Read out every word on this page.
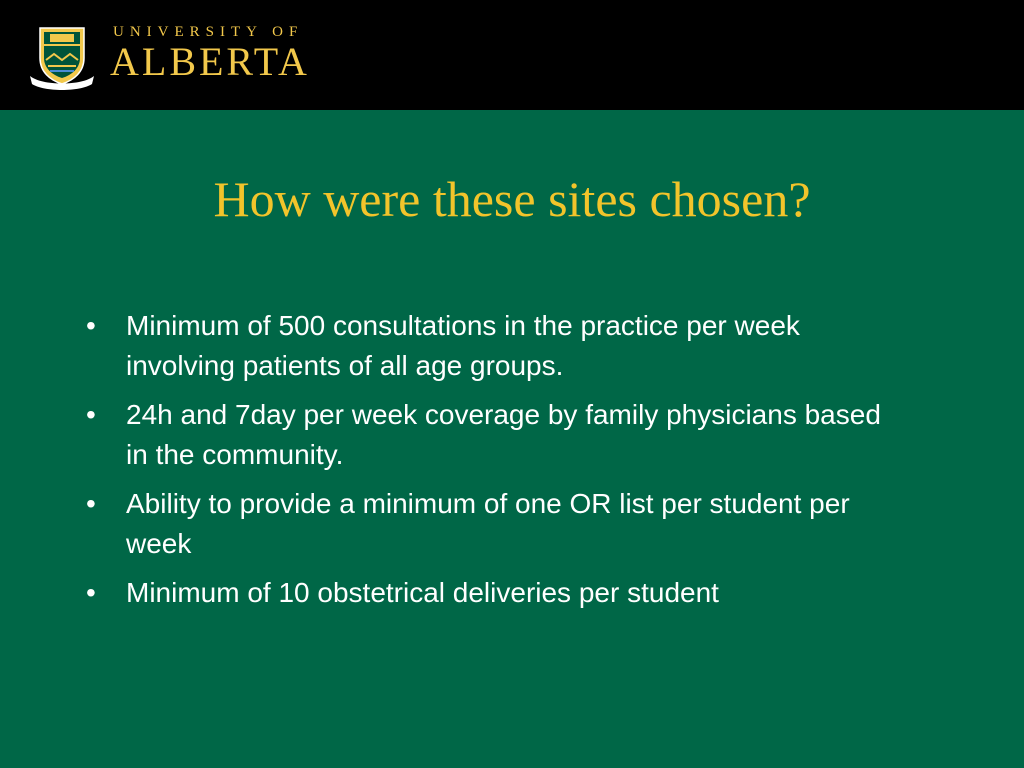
UNIVERSITY OF
ALBERTA
How were these sites chosen?
•	Minimum of 500 consultations in the practice per week involving patients of all age groups.
•	24h and 7day per week coverage by family physicians based in the community.
•	Ability to provide a minimum of one OR list per student per week
•	Minimum of 10 obstetrical deliveries per student
